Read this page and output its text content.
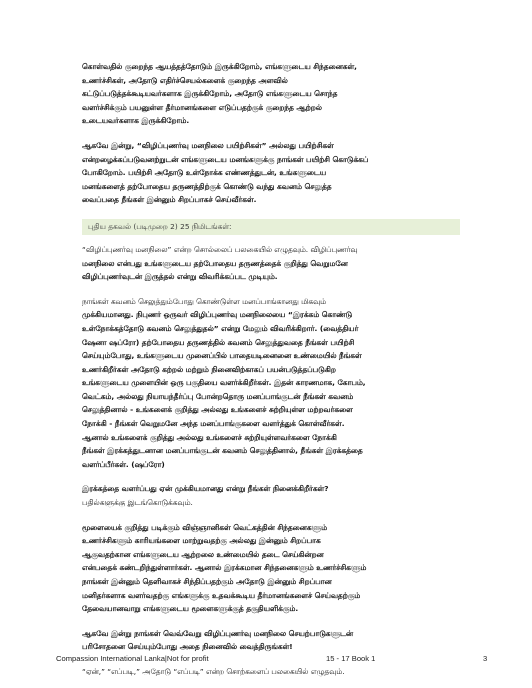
கொள்வதில் குறைந்த ஆயத்தத்தோடும் இருக்கிறோம், எங்களுடைய சிந்தனைகள்,
உணர்ச்சிகள், அதோடு எதிர்ச்செயல்களைக் குறைந்த அளவில்
கட்டுப்படுத்தக்கூடியவர்களாக இருக்கிறோம், அதோடு எங்களுடைய சொந்த
வளர்ச்சிக்கும் பயனுள்ள தீர்மானங்களை எடுப்பதற்குக் குறைந்த ஆற்றல்
உடையவர்களாக இருக்கிறோம்.
ஆகவே இன்று, “விழிப்புணர்வு மனநிலை பயிற்சிகள்” அல்லது பயிற்சிகள்
என்றழைக்கப்படுவனற்றுடன் எங்களுடைய மனங்களுக்கு நாங்கள் பயிற்சி கொடுக்கப்
போகிறோம். பயிற்சி அதோடு உள்நோக்க எண்ணத்துடன், உங்களுடைய
மனங்களைத் தற்போதைய தருணத்திற்குக் கொண்டு வந்து கவனம் செலுத்த
வைப்பதை நீங்கள் இன்னும் சிறப்பாகச் செய்வீர்கள்.
புதிய தகவல் (படிமுறை 2) 25 நிமிடங்கள்:
“விழிப்புணர்வு மனநிலை” என்ற சொல்லைப் பலகையில் எழுதவும். விழிப்புணர்வு
மனநிலை என்பது உங்களுடைய தற்போதைய தருணத்தைக் குறித்து வெறுமனே
விழிப்புணர்வுடன் இருத்தல் என்று விவரிக்கப்பட முடியும்.
நாங்கள் கவனம் செலுத்தும்போது கொண்டுள்ள மனப்பாங்கானது மிகவும்
முக்கியமானது. நிபுணர் ஒருவர் விழிப்புணர்வு மனநிலையை “இரக்கம் கொண்டு
உள்நோக்கத்தோடு கவனம் செலுத்துதல்” என்று மேலும் விவரிக்கிறார். (வைத்தியர்
ஷேனா ஷப்ரோ) தற்போதைய தருணத்தில் கவனம் செலுத்துவதை நீங்கள் பயிற்சி
செய்யும்போது, உங்களுடைய முனைப்பில் பாதையடினைனை உண்மையில் நீங்கள்
உணர்கிறீர்கள் அதோடு கற்றல் மற்றும் நினைவிற்காகப் பயன்படுத்தப்படுகிற
உங்களுடைய முளையின் ஒரு பகுதியை வளர்க்கிறீர்கள். இதன் காரணமாக, கோபம்,
வெட்கம், அல்லது நியாயந்தீர்ப்பு போன்றதொரு மனப்பாங்குடன் நீங்கள் கவனம்
செலுத்தினால் - உங்களைக் குறித்து அல்லது உங்களைச் சுற்றியுள்ள மற்றவர்களை
நோக்கி - நீங்கள் வெறுமனே அந்த மனப்பாங்குகளை வளர்த்துக் கொள்வீர்கள்.
ஆனால் உங்களைக் குறித்து அல்லது உங்களைச் சுற்றியுள்ளவர்களை நோக்கி
நீங்கள் இரக்கத்துடனான மனப்பாங்குடன் கவனம் செலுத்தினால், நீங்கள் இரக்கத்தை
வளர்ப்பீர்கள். (ஷப்ரோ)
இரக்கத்தை வளர்ப்பது ஏன் முக்கியமானது என்று நீங்கள் நினைக்கிறீர்கள்?
பதில்களுக்கு இடங்கொடுக்கவும்.
மூளையைக் குறித்து படிக்கும் விஞ்ஞானிகள் வெட்கத்தின் சிந்தனைகளும்
உணர்ச்சிகளும் காரியங்களை மாற்றுவதற்கு அல்லது இன்னும் சிறப்பாக
ஆகுவதற்கான எங்களுடைய ஆற்றலை உண்மையில் தடை செய்கின்றன
என்பதைக் கண்டறிந்துள்ளார்கள். ஆனால் இரக்கமான சிந்தனைகளும் உணர்ச்சிகளும்
நாங்கள் இன்னும் தெளிவாகச் சிந்திப்பதற்கும் அதோடு இன்னும் சிறப்பான
மனிதர்களாக வளர்வதற்கு எங்களுக்கு உதவக்கூடிய தீர்மானங்களைச் செய்வதற்கும்
தேவையானவாறு எங்களுடைய மூளைகளுக்குத் தகுதியளிக்கும்.
ஆகவே இன்று நாங்கள் வெவ்வேறு விழிப்புணர்வு மனநிலை செயற்பாடுகளுடன்
பரிசோதனை செய்யும்போது அதை நினைவில் வைத்திருங்கள்!
“ஏன்,” “எப்படி,” அதோடு “எப்படி” என்ற சொற்களைப் பலகையில் எழுதவும்.
Compassion International Lanka|Not for profit	15 - 17 Book 1	3
